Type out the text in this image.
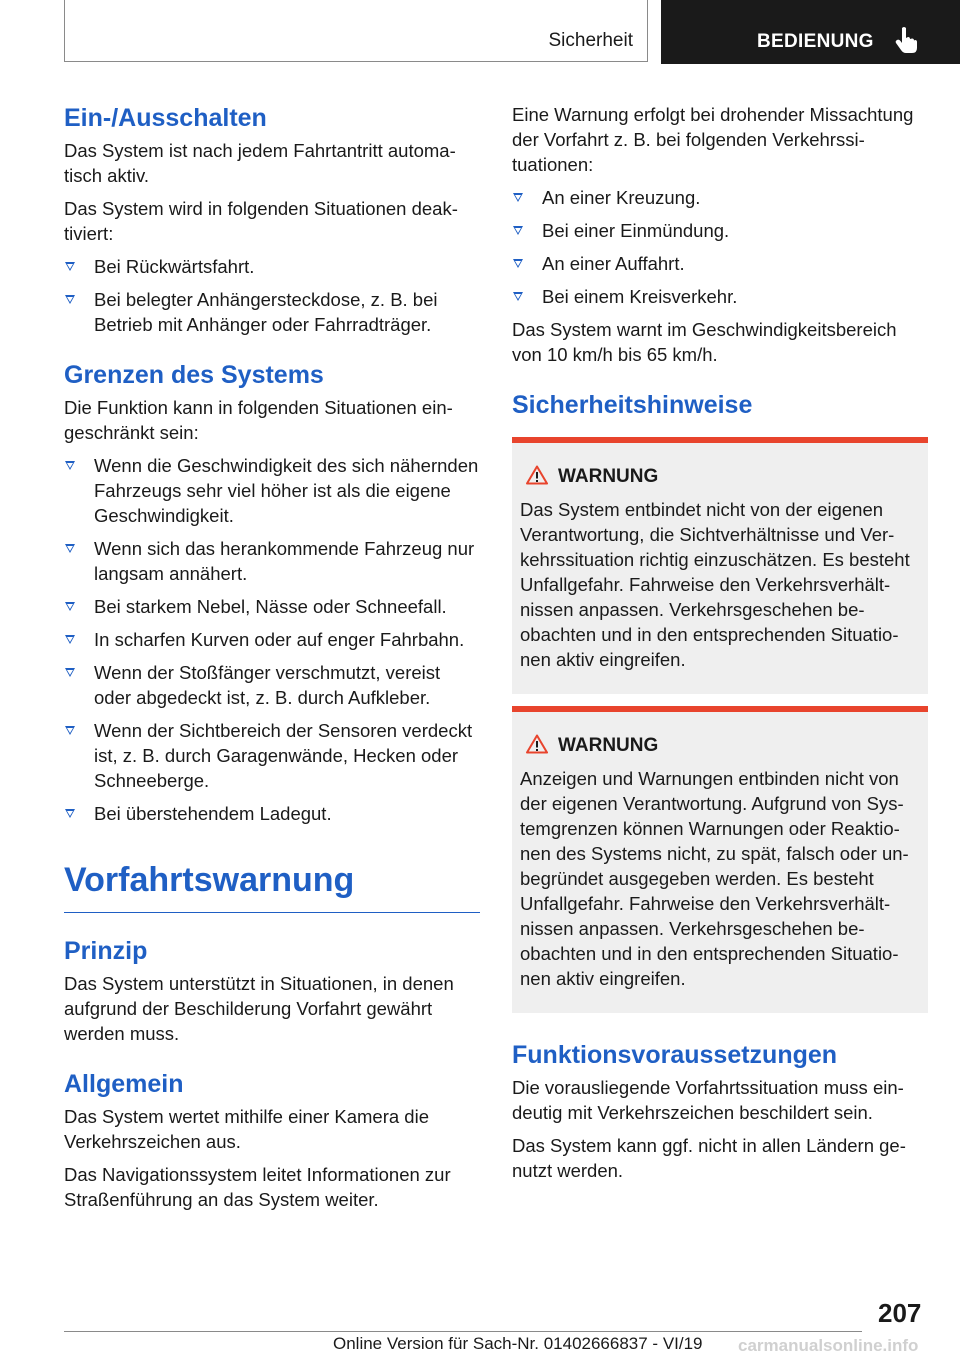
Sicherheit	BEDIENUNG
Ein-/Ausschalten

Das System ist nach jedem Fahrtantritt automatisch aktiv.

Das System wird in folgenden Situationen deaktiviert:

Bei Rückwärtsfahrt.
Bei belegter Anhängersteckdose, z. B. bei Betrieb mit Anhänger oder Fahrradträger.
Grenzen des Systems

Die Funktion kann in folgenden Situationen eingeschränkt sein:

Wenn die Geschwindigkeit des sich nähernden Fahrzeugs sehr viel höher ist als die eigene Geschwindigkeit.
Wenn sich das herankommende Fahrzeug nur langsam annähert.
Bei starkem Nebel, Nässe oder Schneefall.
In scharfen Kurven oder auf enger Fahrbahn.
Wenn der Stoßfänger verschmutzt, vereist oder abgedeckt ist, z. B. durch Aufkleber.
Wenn der Sichtbereich der Sensoren verdeckt ist, z. B. durch Garagenwände, Hecken oder Schneeberge.
Bei überstehendem Ladegut.
Vorfahrtswarnung
Prinzip

Das System unterstützt in Situationen, in denen aufgrund der Beschilderung Vorfahrt gewährt werden muss.

Allgemein

Das System wertet mithilfe einer Kamera die Verkehrszeichen aus.

Das Navigationssystem leitet Informationen zur Straßenführung an das System weiter.

Eine Warnung erfolgt bei drohender Missachtung der Vorfahrt z. B. bei folgenden Verkehrssituationen:

An einer Kreuzung.
Bei einer Einmündung.
An einer Auffahrt.
Bei einem Kreisverkehr.

Das System warnt im Geschwindigkeitsbereich von 10 km/h bis 65 km/h.

Sicherheitshinweise
WARNUNG

Das System entbindet nicht von der eigenen Verantwortung, die Sichtverhältnisse und Verkehrssituation richtig einzuschätzen. Es besteht Unfallgefahr. Fahrweise den Verkehrsverhältnissen anpassen. Verkehrsgeschehen beobachten und in den entsprechenden Situationen aktiv eingreifen.

WARNUNG

Anzeigen und Warnungen entbinden nicht von der eigenen Verantwortung. Aufgrund von Systemgrenzen können Warnungen oder Reaktionen des Systems nicht, zu spät, falsch oder unbegründet ausgegeben werden. Es besteht Unfallgefahr. Fahrweise den Verkehrsverhältnissen anpassen. Verkehrsgeschehen beobachten und in den entsprechenden Situationen aktiv eingreifen.

Funktionsvoraussetzungen

Die vorausliegende Vorfahrtssituation muss eindeutig mit Verkehrszeichen beschildert sein.

Das System kann ggf. nicht in allen Ländern genutzt werden.

207
Online Version für Sach-Nr. 01402666837 - VI/19 carmanualsonline.info
